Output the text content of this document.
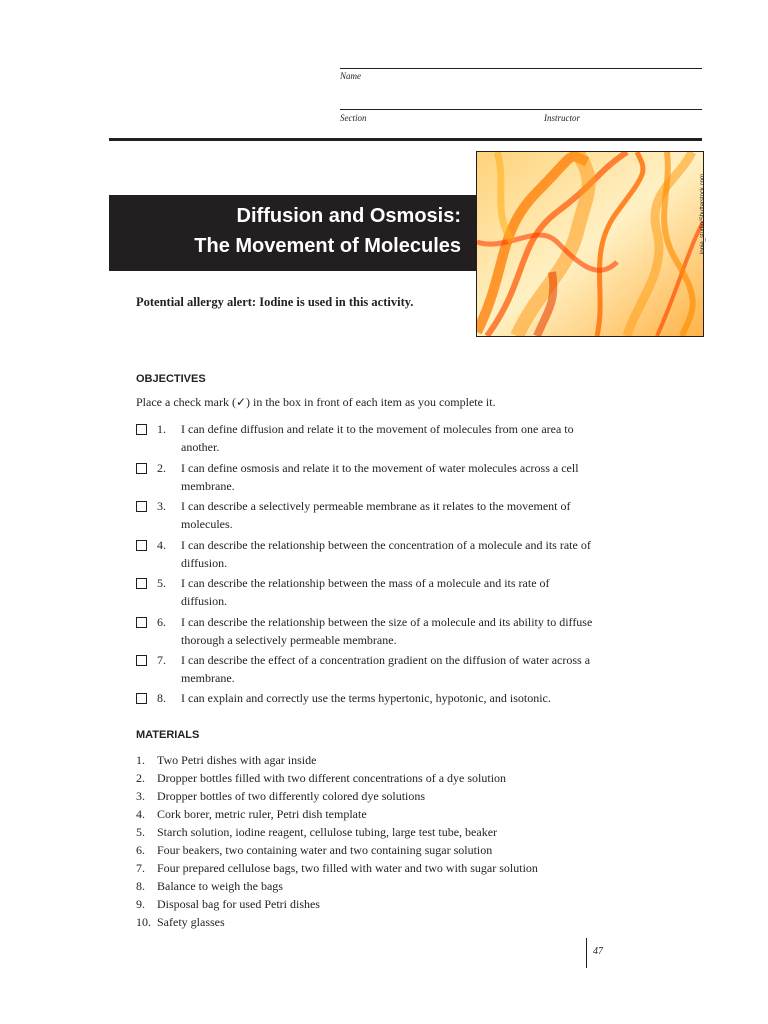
Name
Section	Instructor
Diffusion and Osmosis:
The Movement of Molecules	lonie_studio/Shutterstock.com
Potential allergy alert: Iodine is used in this activity.
OBJECTIVES
Place a check mark (✓) in the box in front of each item as you complete it.
1. I can define diffusion and relate it to the movement of molecules from one area to another.
2. I can define osmosis and relate it to the movement of water molecules across a cell membrane.
3. I can describe a selectively permeable membrane as it relates to the movement of molecules.
4. I can describe the relationship between the concentration of a molecule and its rate of diffusion.
5. I can describe the relationship between the mass of a molecule and its rate of diffusion.
6. I can describe the relationship between the size of a molecule and its ability to diffuse thorough a selectively permeable membrane.
7. I can describe the effect of a concentration gradient on the diffusion of water across a membrane.
8. I can explain and correctly use the terms hypertonic, hypotonic, and isotonic.
MATERIALS
1. Two Petri dishes with agar inside
2. Dropper bottles filled with two different concentrations of a dye solution
3. Dropper bottles of two differently colored dye solutions
4. Cork borer, metric ruler, Petri dish template
5. Starch solution, iodine reagent, cellulose tubing, large test tube, beaker
6. Four beakers, two containing water and two containing sugar solution
7. Four prepared cellulose bags, two filled with water and two with sugar solution
8. Balance to weigh the bags
9. Disposal bag for used Petri dishes
10. Safety glasses
47
